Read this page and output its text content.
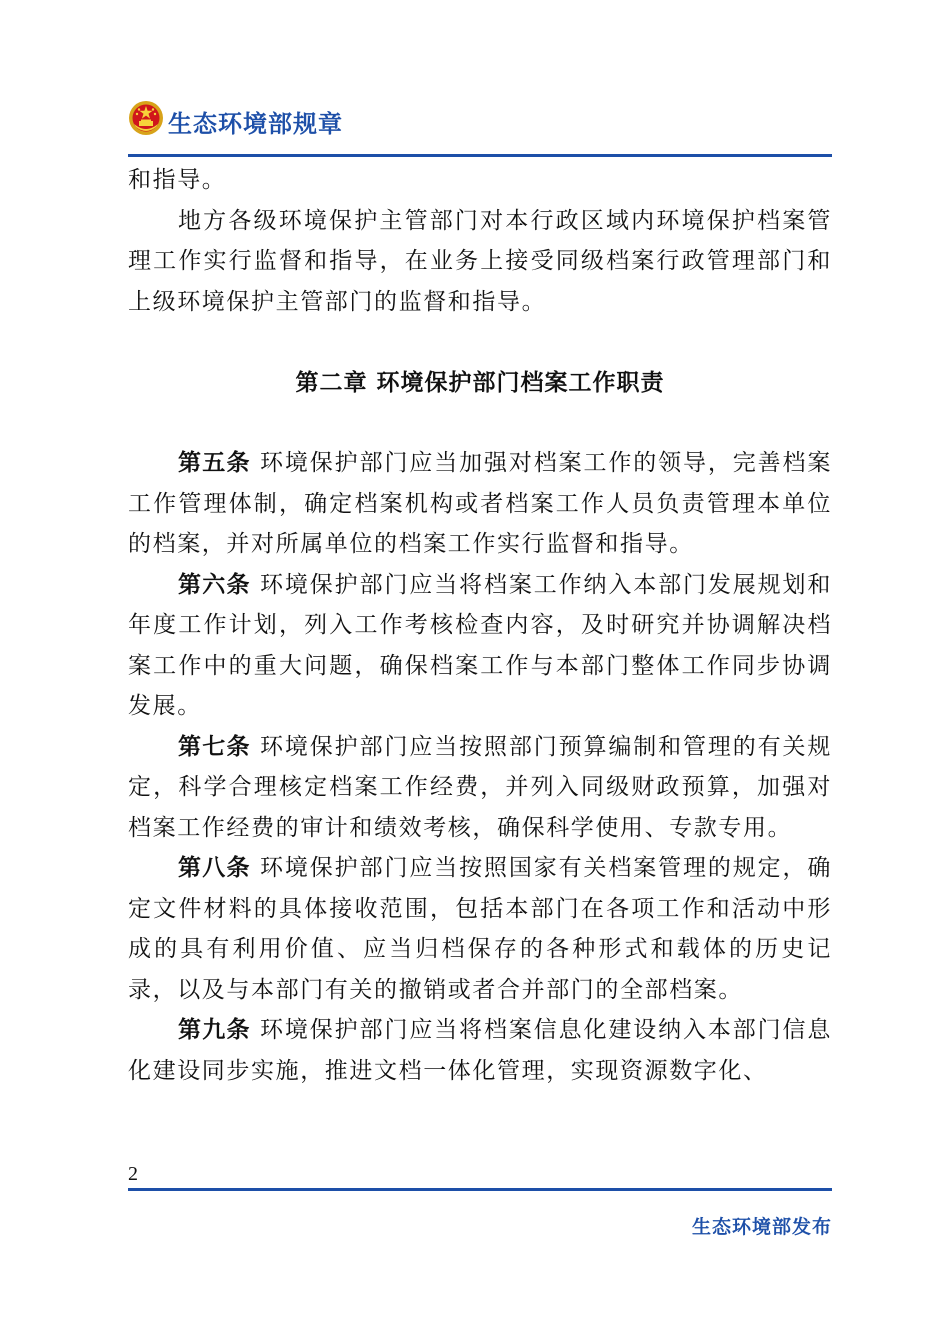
生态环境部规章

和指导。

地方各级环境保护主管部门对本行政区域内环境保护档案管理工作实行监督和指导，在业务上接受同级档案行政管理部门和上级环境保护主管部门的监督和指导。

第二章 环境保护部门档案工作职责

第五条 环境保护部门应当加强对档案工作的领导，完善档案工作管理体制，确定档案机构或者档案工作人员负责管理本单位的档案，并对所属单位的档案工作实行监督和指导。

第六条 环境保护部门应当将档案工作纳入本部门发展规划和年度工作计划，列入工作考核检查内容，及时研究并协调解决档案工作中的重大问题，确保档案工作与本部门整体工作同步协调发展。

第七条 环境保护部门应当按照部门预算编制和管理的有关规定，科学合理核定档案工作经费，并列入同级财政预算，加强对档案工作经费的审计和绩效考核，确保科学使用、专款专用。

第八条 环境保护部门应当按照国家有关档案管理的规定，确定文件材料的具体接收范围，包括本部门在各项工作和活动中形成的具有利用价值、应当归档保存的各种形式和载体的历史记录，以及与本部门有关的撤销或者合并部门的全部档案。

第九条 环境保护部门应当将档案信息化建设纳入本部门信息化建设同步实施，推进文档一体化管理，实现资源数字化、

2
生态环境部发布
